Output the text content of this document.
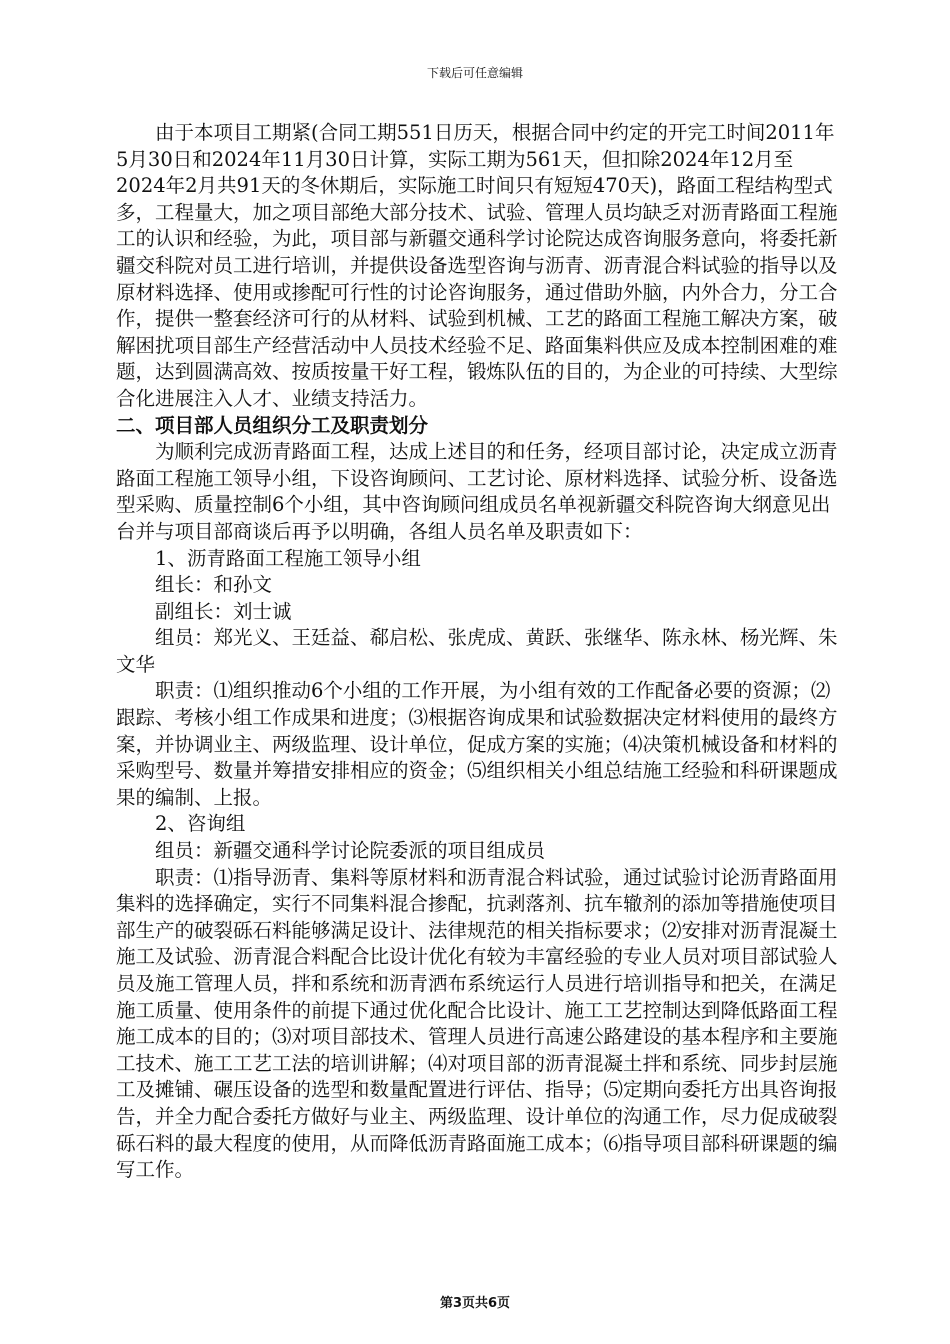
下载后可任意编辑

由于本项目工期紧(合同工期551日历天，根据合同中约定的开完工时间2011年5月30日和2024年11月30日计算，实际工期为561天，但扣除2024年12月至2024年2月共91天的冬休期后，实际施工时间只有短短470天)，路面工程结构型式多，工程量大，加之项目部绝大部分技术、试验、管理人员均缺乏对沥青路面工程施工的认识和经验，为此，项目部与新疆交通科学讨论院达成咨询服务意向，将委托新疆交科院对员工进行培训，并提供设备选型咨询与沥青、沥青混合料试验的指导以及原材料选择、使用或掺配可行性的讨论咨询服务，通过借助外脑，内外合力，分工合作，提供一整套经济可行的从材料、试验到机械、工艺的路面工程施工解决方案，破解困扰项目部生产经营活动中人员技术经验不足、路面集料供应及成本控制困难的难题，达到圆满高效、按质按量干好工程，锻炼队伍的目的，为企业的可持续、大型综合化进展注入人才、业绩支持活力。

二、项目部人员组织分工及职责划分

为顺利完成沥青路面工程，达成上述目的和任务，经项目部讨论，决定成立沥青路面工程施工领导小组，下设咨询顾问、工艺讨论、原材料选择、试验分析、设备选型采购、质量控制6个小组，其中咨询顾问组成员名单视新疆交科院咨询大纲意见出台并与项目部商谈后再予以明确，各组人员名单及职责如下：

1、沥青路面工程施工领导小组

组长：和孙文

副组长：刘士诚

组员：郑光义、王廷益、郗启松、张虎成、黄跃、张继华、陈永林、杨光辉、朱文华

职责：⑴组织推动6个小组的工作开展，为小组有效的工作配备必要的资源；⑵跟踪、考核小组工作成果和进度；⑶根据咨询成果和试验数据决定材料使用的最终方案，并协调业主、两级监理、设计单位，促成方案的实施；⑷决策机械设备和材料的采购型号、数量并筹措安排相应的资金；⑸组织相关小组总结施工经验和科研课题成果的编制、上报。

2、咨询组

组员：新疆交通科学讨论院委派的项目组成员

职责：⑴指导沥青、集料等原材料和沥青混合料试验，通过试验讨论沥青路面用集料的选择确定，实行不同集料混合掺配，抗剥落剂、抗车辙剂的添加等措施使项目部生产的破裂砾石料能够满足设计、法律规范的相关指标要求；⑵安排对沥青混凝土施工及试验、沥青混合料配合比设计优化有较为丰富经验的专业人员对项目部试验人员及施工管理人员，拌和系统和沥青洒布系统运行人员进行培训指导和把关，在满足施工质量、使用条件的前提下通过优化配合比设计、施工工艺控制达到降低路面工程施工成本的目的；⑶对项目部技术、管理人员进行高速公路建设的基本程序和主要施工技术、施工工艺工法的培训讲解；⑷对项目部的沥青混凝土拌和系统、同步封层施工及摊铺、碾压设备的选型和数量配置进行评估、指导；⑸定期向委托方出具咨询报告，并全力配合委托方做好与业主、两级监理、设计单位的沟通工作，尽力促成破裂砾石料的最大程度的使用，从而降低沥青路面施工成本；⑹指导项目部科研课题的编写工作。

第3页共6页
